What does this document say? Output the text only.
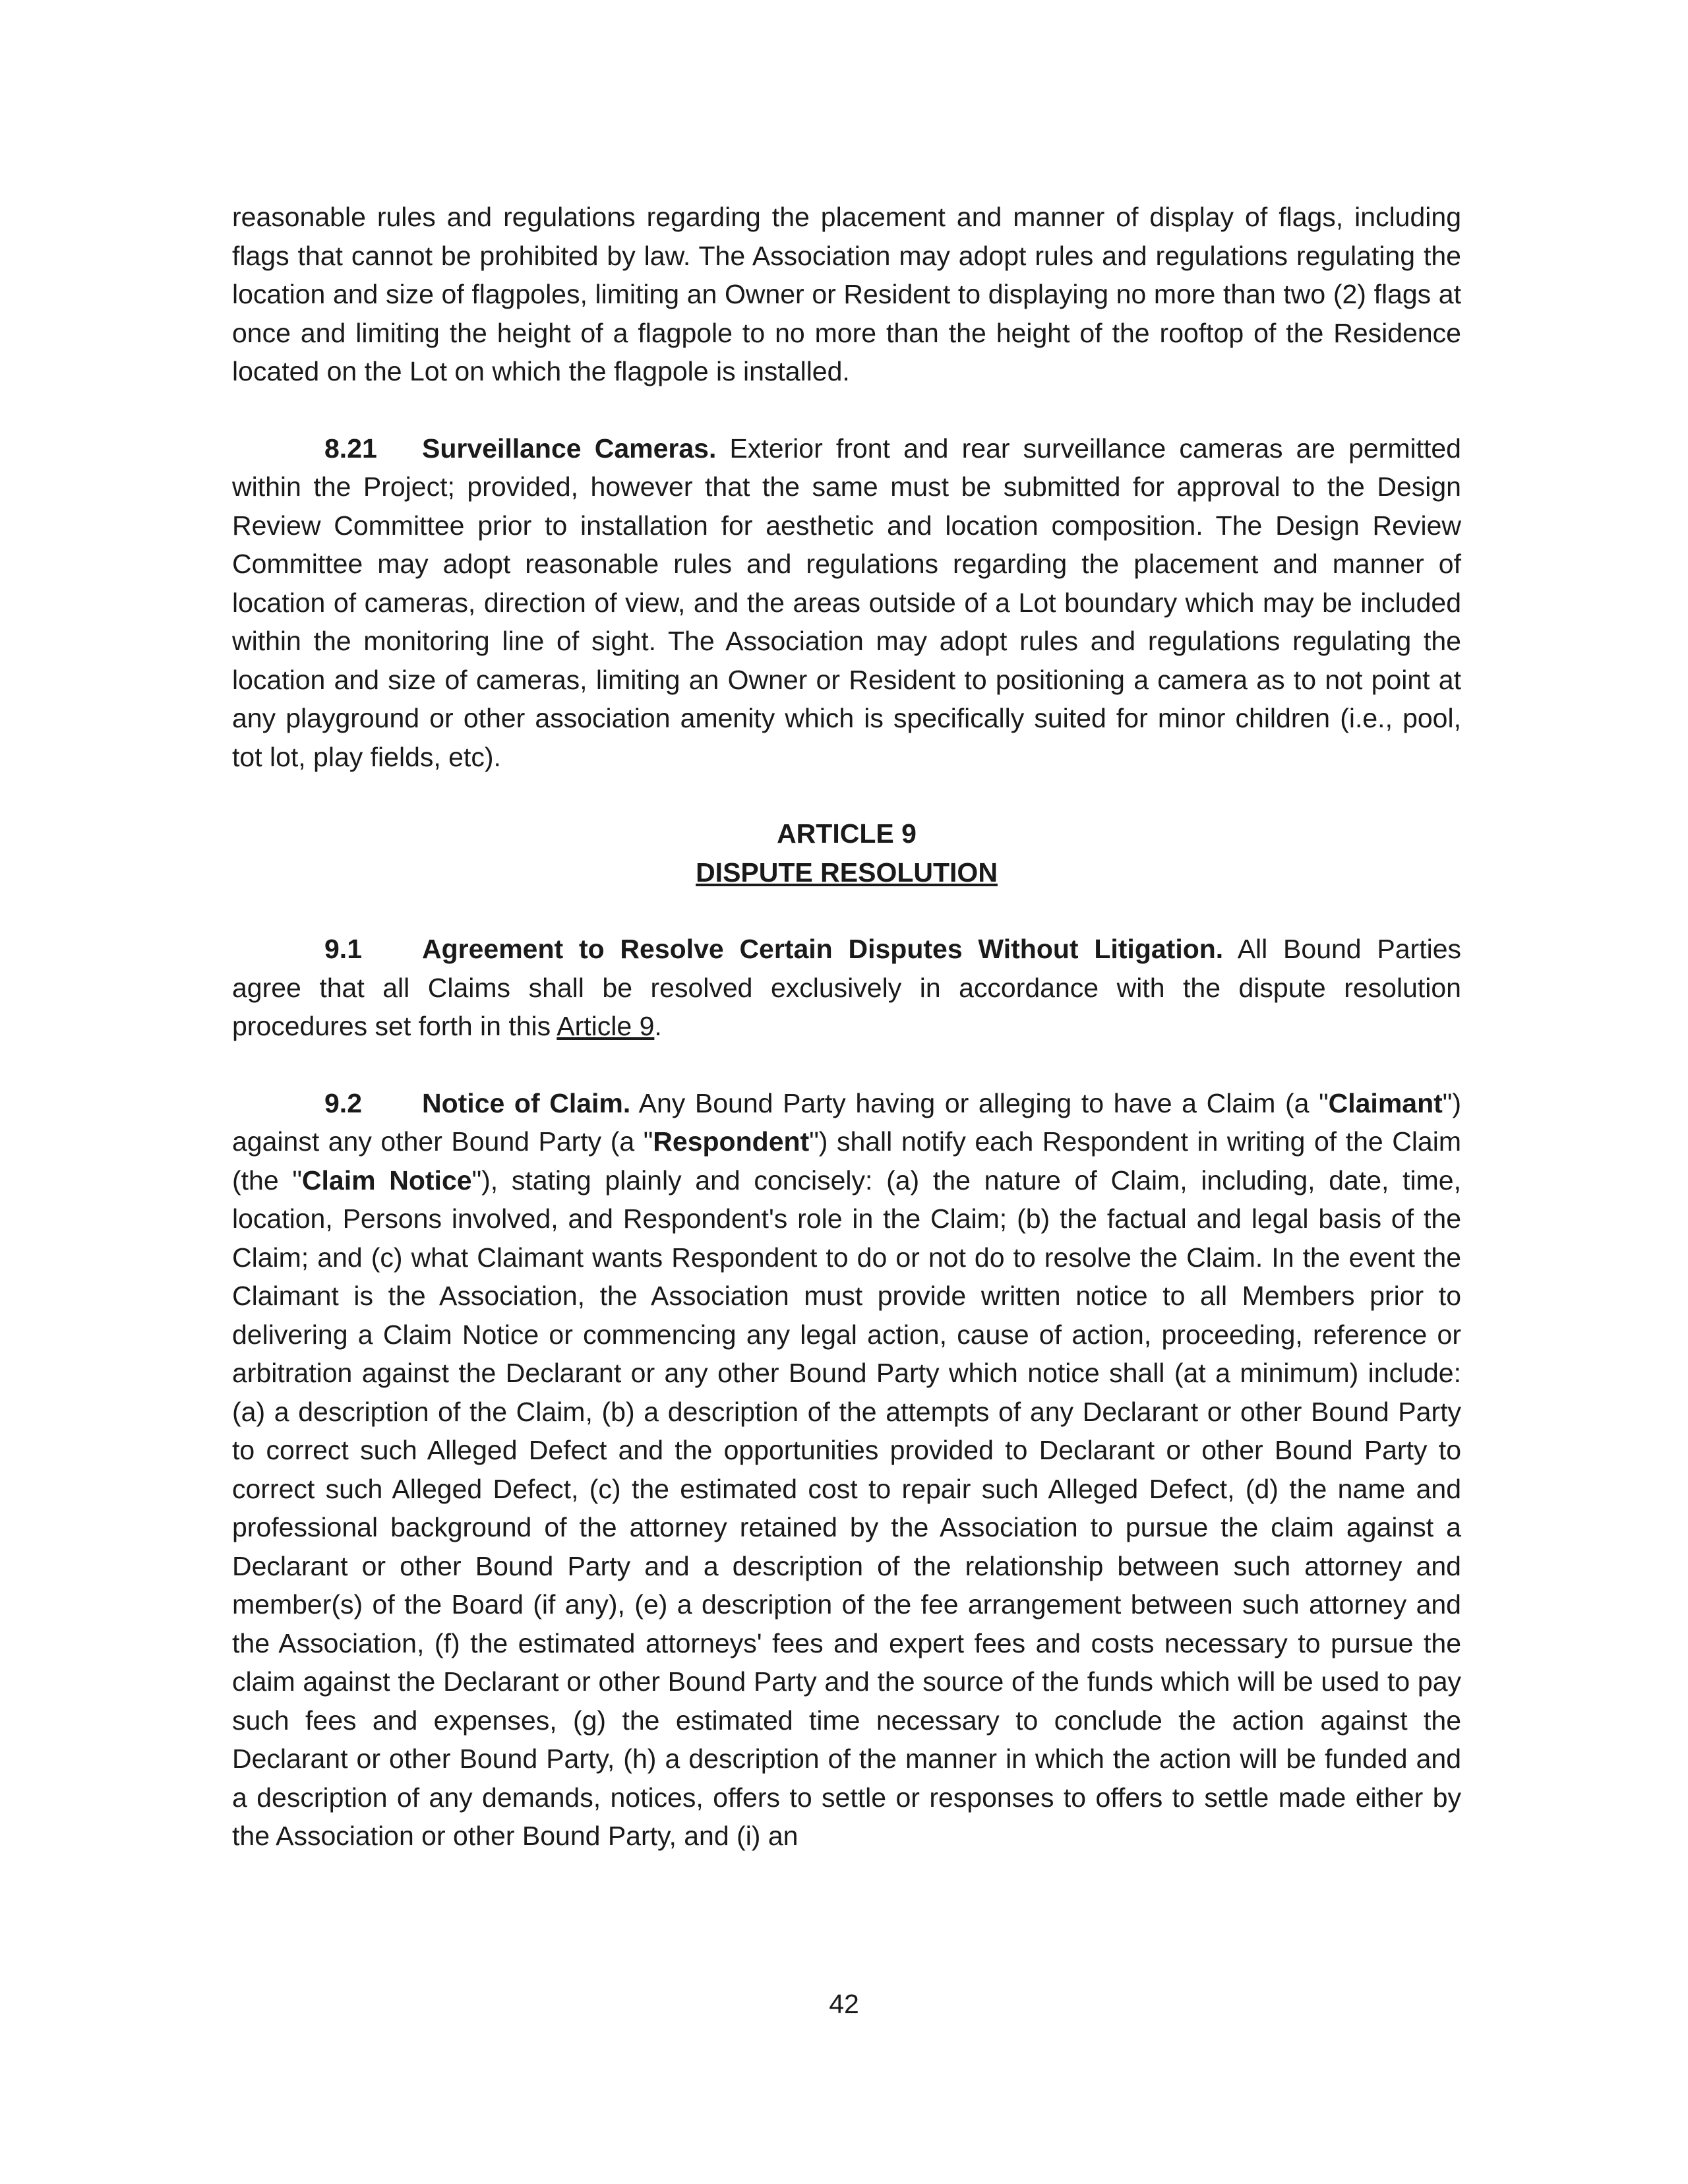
reasonable rules and regulations regarding the placement and manner of display of flags, including flags that cannot be prohibited by law. The Association may adopt rules and regulations regulating the location and size of flagpoles, limiting an Owner or Resident to displaying no more than two (2) flags at once and limiting the height of a flagpole to no more than the height of the rooftop of the Residence located on the Lot on which the flagpole is installed.

8.21 Surveillance Cameras. Exterior front and rear surveillance cameras are permitted within the Project; provided, however that the same must be submitted for approval to the Design Review Committee prior to installation for aesthetic and location composition. The Design Review Committee may adopt reasonable rules and regulations regarding the placement and manner of location of cameras, direction of view, and the areas outside of a Lot boundary which may be included within the monitoring line of sight. The Association may adopt rules and regulations regulating the location and size of cameras, limiting an Owner or Resident to positioning a camera as to not point at any playground or other association amenity which is specifically suited for minor children (i.e., pool, tot lot, play fields, etc).

ARTICLE 9
DISPUTE RESOLUTION

9.1 Agreement to Resolve Certain Disputes Without Litigation. All Bound Parties agree that all Claims shall be resolved exclusively in accordance with the dispute resolution procedures set forth in this Article 9.

9.2 Notice of Claim. Any Bound Party having or alleging to have a Claim (a "Claimant") against any other Bound Party (a "Respondent") shall notify each Respondent in writing of the Claim (the "Claim Notice"), stating plainly and concisely: (a) the nature of Claim, including, date, time, location, Persons involved, and Respondent's role in the Claim; (b) the factual and legal basis of the Claim; and (c) what Claimant wants Respondent to do or not do to resolve the Claim. In the event the Claimant is the Association, the Association must provide written notice to all Members prior to delivering a Claim Notice or commencing any legal action, cause of action, proceeding, reference or arbitration against the Declarant or any other Bound Party which notice shall (at a minimum) include: (a) a description of the Claim, (b) a description of the attempts of any Declarant or other Bound Party to correct such Alleged Defect and the opportunities provided to Declarant or other Bound Party to correct such Alleged Defect, (c) the estimated cost to repair such Alleged Defect, (d) the name and professional background of the attorney retained by the Association to pursue the claim against a Declarant or other Bound Party and a description of the relationship between such attorney and member(s) of the Board (if any), (e) a description of the fee arrangement between such attorney and the Association, (f) the estimated attorneys' fees and expert fees and costs necessary to pursue the claim against the Declarant or other Bound Party and the source of the funds which will be used to pay such fees and expenses, (g) the estimated time necessary to conclude the action against the Declarant or other Bound Party, (h) a description of the manner in which the action will be funded and a description of any demands, notices, offers to settle or responses to offers to settle made either by the Association or other Bound Party, and (i) an

42
